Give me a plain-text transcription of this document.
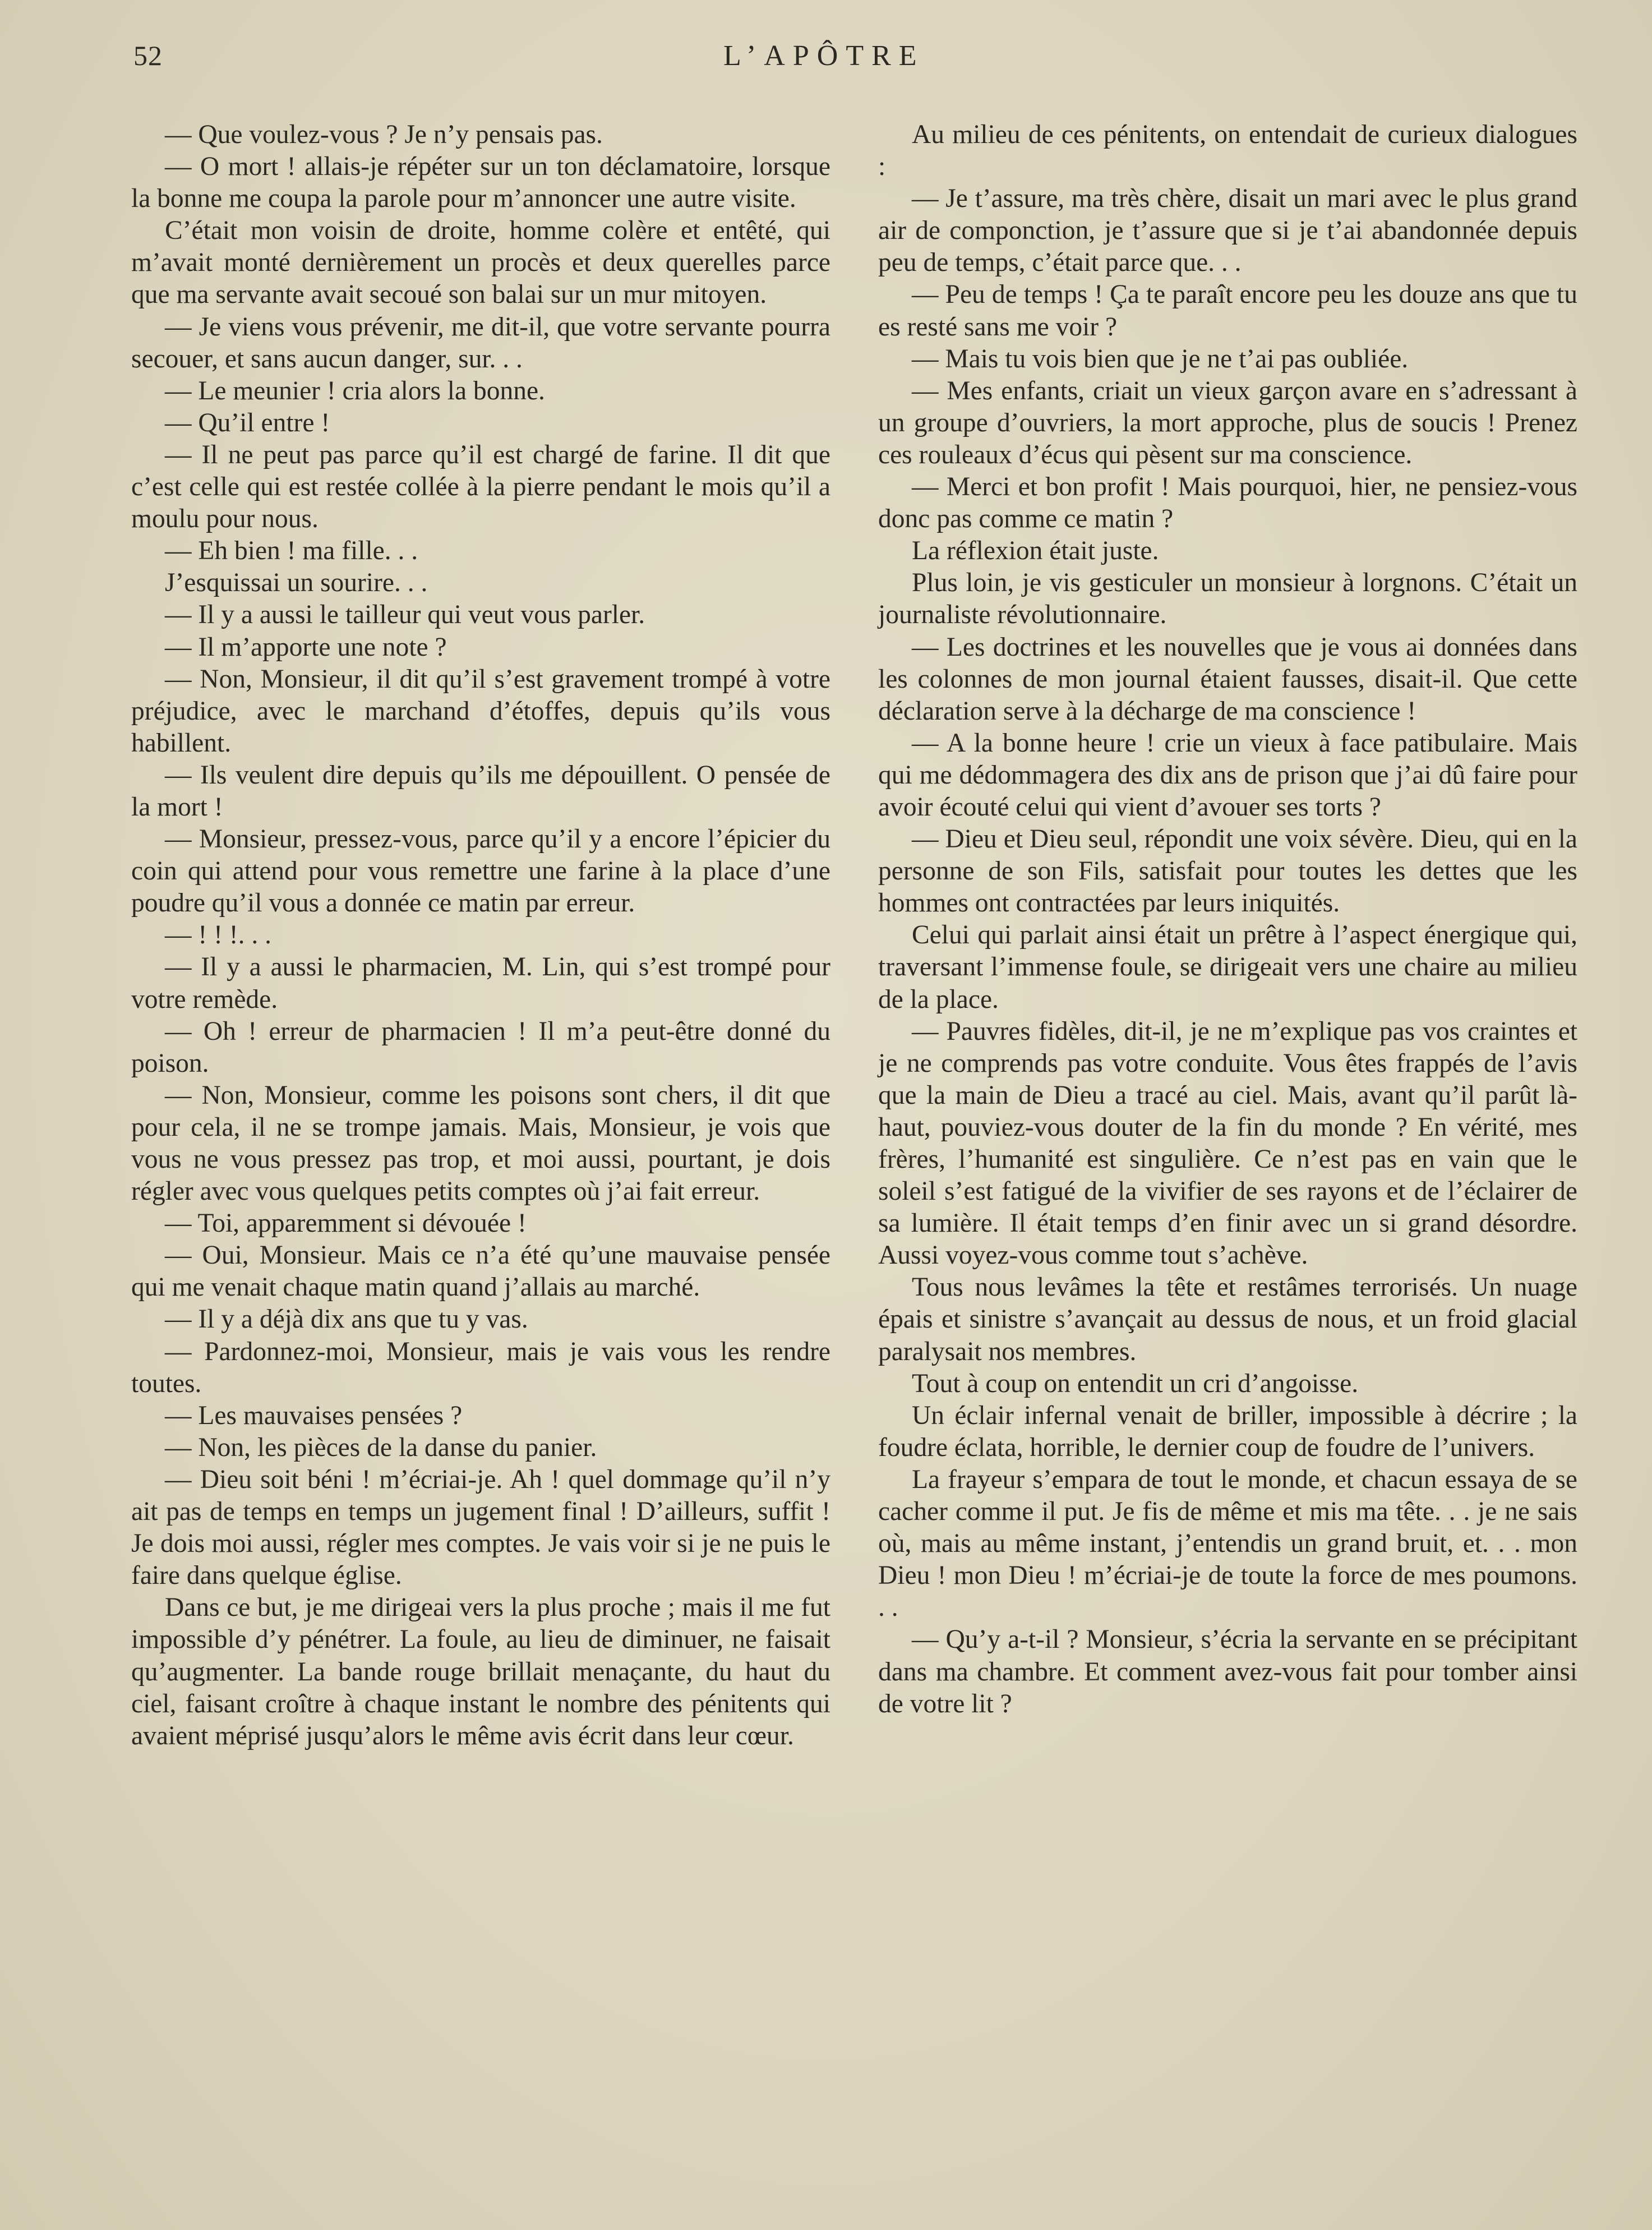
52	L’APÔTRE

— Que voulez-vous ? Je n’y pensais pas.

— O mort ! allais-je répéter sur un ton déclamatoire, lorsque la bonne me coupa la parole pour m’annoncer une autre visite.

C’était mon voisin de droite, homme colère et entêté, qui m’avait monté dernièrement un procès et deux querelles parce que ma servante avait secoué son balai sur un mur mitoyen.

— Je viens vous prévenir, me dit-il, que votre servante pourra secouer, et sans aucun danger, sur. . .

— Le meunier ! cria alors la bonne.

— Qu’il entre !

— Il ne peut pas parce qu’il est chargé de farine. Il dit que c’est celle qui est restée collée à la pierre pendant le mois qu’il a moulu pour nous.

— Eh bien ! ma fille. . .

J’esquissai un sourire. . .

— Il y a aussi le tailleur qui veut vous parler.

— Il m’apporte une note ?

— Non, Monsieur, il dit qu’il s’est gravement trompé à votre préjudice, avec le marchand d’étoffes, depuis qu’ils vous habillent.

— Ils veulent dire depuis qu’ils me dépouillent. O pensée de la mort !

— Monsieur, pressez-vous, parce qu’il y a encore l’épicier du coin qui attend pour vous remettre une farine à la place d’une poudre qu’il vous a donnée ce matin par erreur.

— ! ! !. . .

— Il y a aussi le pharmacien, M. Lin, qui s’est trompé pour votre remède.

— Oh ! erreur de pharmacien ! Il m’a peut-être donné du poison.

— Non, Monsieur, comme les poisons sont chers, il dit que pour cela, il ne se trompe jamais. Mais, Monsieur, je vois que vous ne vous pressez pas trop, et moi aussi, pourtant, je dois régler avec vous quelques petits comptes où j’ai fait erreur.

— Toi, apparemment si dévouée !

— Oui, Monsieur. Mais ce n’a été qu’une mauvaise pensée qui me venait chaque matin quand j’allais au marché.

— Il y a déjà dix ans que tu y vas.

— Pardonnez-moi, Monsieur, mais je vais vous les rendre toutes.

— Les mauvaises pensées ?

— Non, les pièces de la danse du panier.

— Dieu soit béni ! m’écriai-je. Ah ! quel dommage qu’il n’y ait pas de temps en temps un jugement final ! D’ailleurs, suffit ! Je dois moi aussi, régler mes comptes. Je vais voir si je ne puis le faire dans quelque église.

Dans ce but, je me dirigeai vers la plus proche ; mais il me fut impossible d’y pénétrer. La foule, au lieu de diminuer, ne faisait qu’augmenter. La bande rouge brillait menaçante, du haut du ciel, faisant croître à chaque instant le nombre des pénitents qui avaient méprisé jusqu’alors le même avis écrit dans leur cœur.

Au milieu de ces pénitents, on entendait de curieux dialogues :

— Je t’assure, ma très chère, disait un mari avec le plus grand air de componction, je t’assure que si je t’ai abandonnée depuis peu de temps, c’était parce que. . .

— Peu de temps ! Ça te paraît encore peu les douze ans que tu es resté sans me voir ?

— Mais tu vois bien que je ne t’ai pas oubliée.

— Mes enfants, criait un vieux garçon avare en s’adressant à un groupe d’ouvriers, la mort approche, plus de soucis ! Prenez ces rouleaux d’écus qui pèsent sur ma conscience.

— Merci et bon profit ! Mais pourquoi, hier, ne pensiez-vous donc pas comme ce matin ?

La réflexion était juste.

Plus loin, je vis gesticuler un monsieur à lorgnons. C’était un journaliste révolutionnaire.

— Les doctrines et les nouvelles que je vous ai données dans les colonnes de mon journal étaient fausses, disait-il. Que cette déclaration serve à la décharge de ma conscience !

— A la bonne heure ! crie un vieux à face patibulaire. Mais qui me dédommagera des dix ans de prison que j’ai dû faire pour avoir écouté celui qui vient d’avouer ses torts ?

— Dieu et Dieu seul, répondit une voix sévère. Dieu, qui en la personne de son Fils, satisfait pour toutes les dettes que les hommes ont contractées par leurs iniquités.

Celui qui parlait ainsi était un prêtre à l’aspect énergique qui, traversant l’immense foule, se dirigeait vers une chaire au milieu de la place.

— Pauvres fidèles, dit-il, je ne m’explique pas vos craintes et je ne comprends pas votre conduite. Vous êtes frappés de l’avis que la main de Dieu a tracé au ciel. Mais, avant qu’il parût là-haut, pouviez-vous douter de la fin du monde ? En vérité, mes frères, l’humanité est singulière. Ce n’est pas en vain que le soleil s’est fatigué de la vivifier de ses rayons et de l’éclairer de sa lumière. Il était temps d’en finir avec un si grand désordre. Aussi voyez-vous comme tout s’achève.

Tous nous levâmes la tête et restâmes terrorisés. Un nuage épais et sinistre s’avançait au dessus de nous, et un froid glacial paralysait nos membres.

Tout à coup on entendit un cri d’angoisse.

Un éclair infernal venait de briller, impossible à décrire ; la foudre éclata, horrible, le dernier coup de foudre de l’univers.

La frayeur s’empara de tout le monde, et chacun essaya de se cacher comme il put. Je fis de même et mis ma tête. . . je ne sais où, mais au même instant, j’entendis un grand bruit, et. . . mon Dieu ! mon Dieu ! m’écriai-je de toute la force de mes poumons. . .

— Qu’y a-t-il ? Monsieur, s’écria la servante en se précipitant dans ma chambre. Et comment avez-vous fait pour tomber ainsi de votre lit ?
